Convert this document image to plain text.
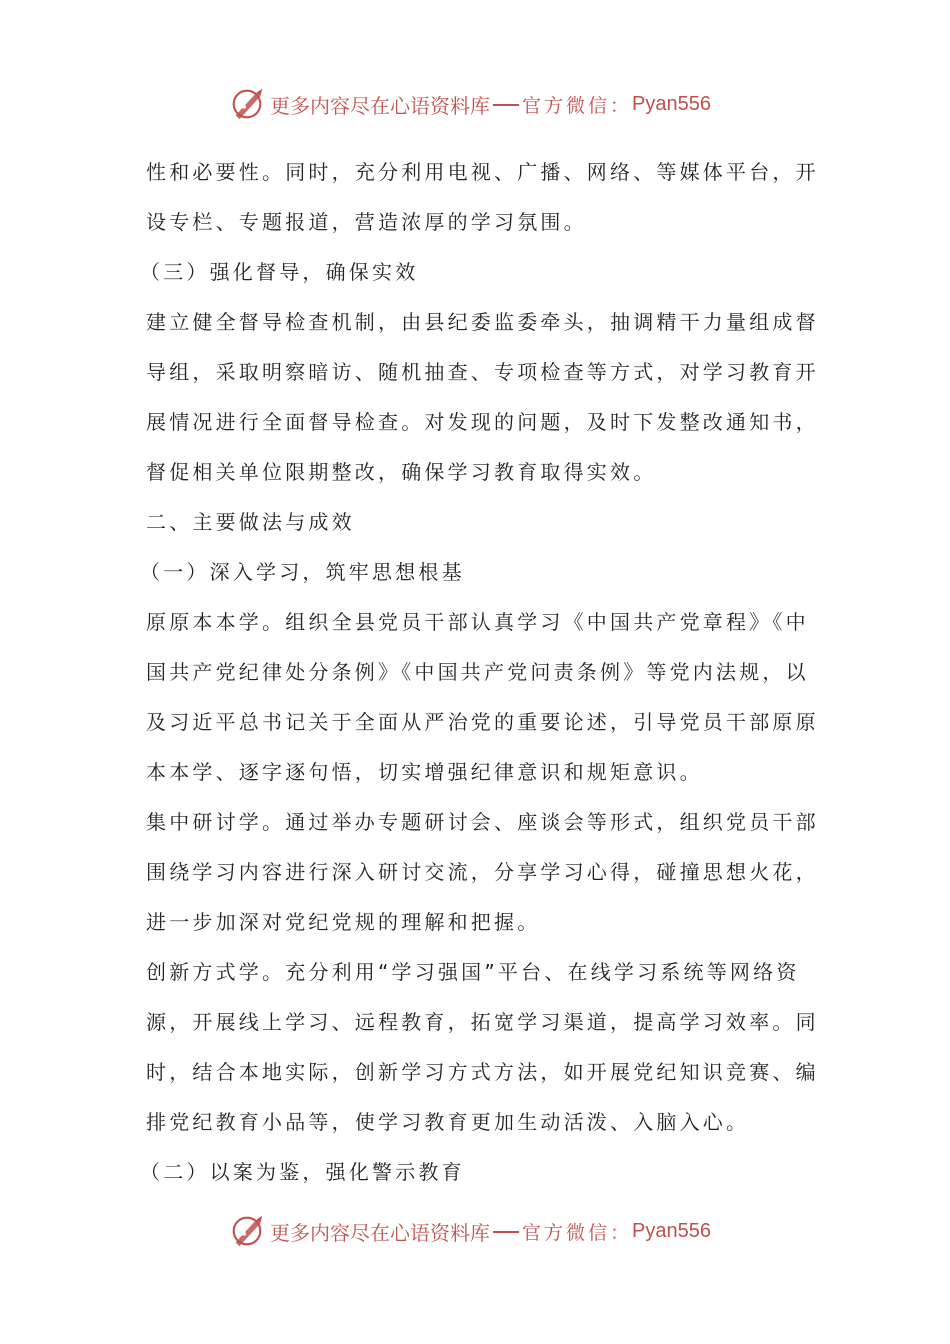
更多内容尽在心语资料库 官方微信： Pyan556
性和必要性。同时，充分利用电视、广播、网络、等媒体平台，开
设专栏、专题报道，营造浓厚的学习氛围。
（三）强化督导，确保实效
建立健全督导检查机制，由县纪委监委牵头，抽调精干力量组成督
导组，采取明察暗访、随机抽查、专项检查等方式，对学习教育开
展情况进行全面督导检查。对发现的问题，及时下发整改通知书，
督促相关单位限期整改，确保学习教育取得实效。
二、主要做法与成效
（一）深入学习，筑牢思想根基
原原本本学。组织全县党员干部认真学习《中国共产党章程》《中
国共产党纪律处分条例》《中国共产党问责条例》等党内法规，以
及习近平总书记关于全面从严治党的重要论述，引导党员干部原原
本本学、逐字逐句悟，切实增强纪律意识和规矩意识。
集中研讨学。通过举办专题研讨会、座谈会等形式，组织党员干部
围绕学习内容进行深入研讨交流，分享学习心得，碰撞思想火花，
进一步加深对党纪党规的理解和把握。
创新方式学。充分利用“学习强国”平台、在线学习系统等网络资
源，开展线上学习、远程教育，拓宽学习渠道，提高学习效率。同
时，结合本地实际，创新学习方式方法，如开展党纪知识竞赛、编
排党纪教育小品等，使学习教育更加生动活泼、入脑入心。
（二）以案为鉴，强化警示教育
更多内容尽在心语资料库 官方微信： Pyan556
